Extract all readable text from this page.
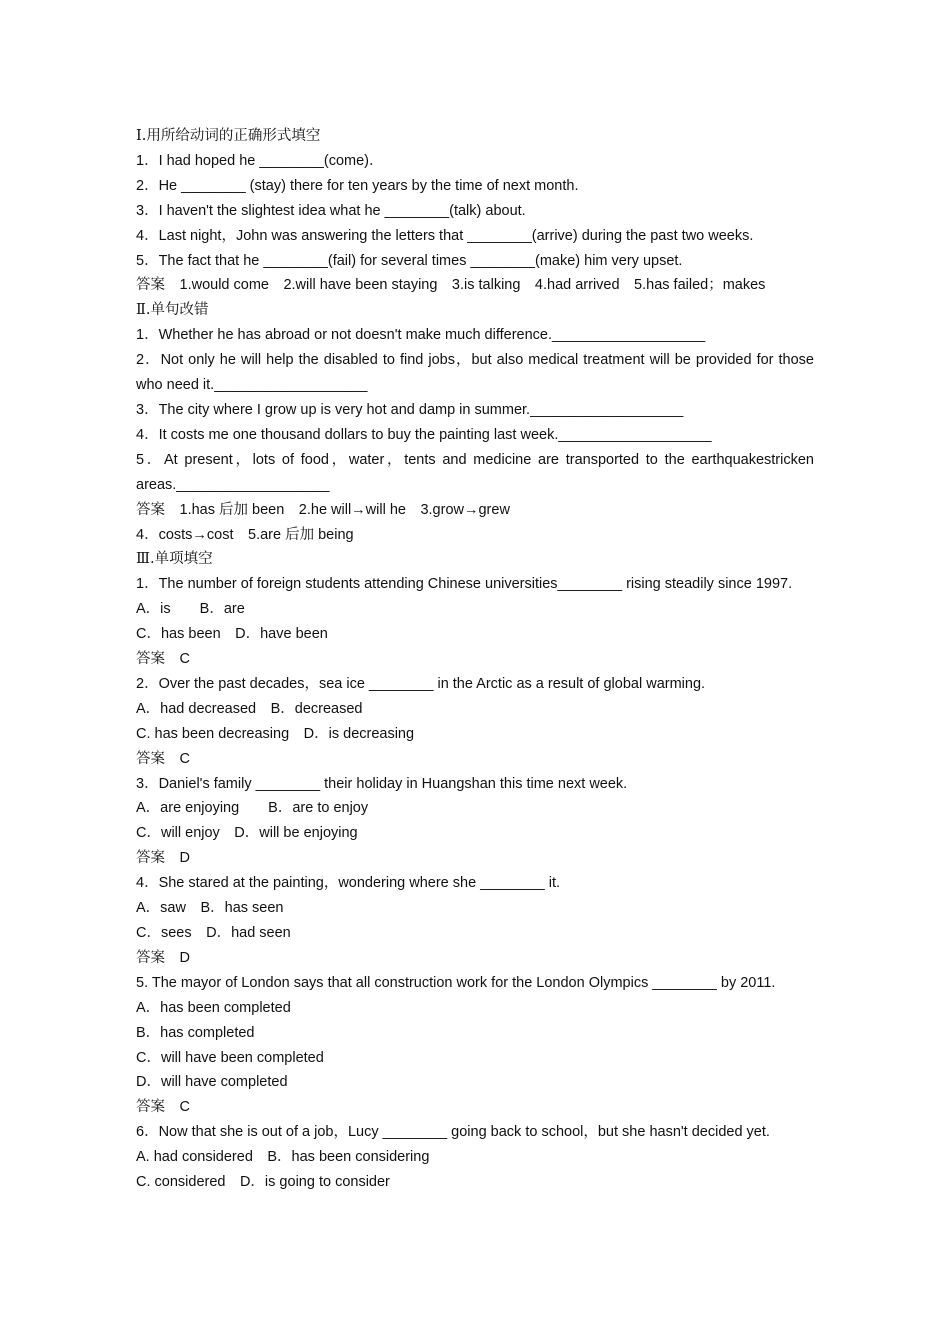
Ⅰ.用所给动词的正确形式填空
1．I had hoped he ________(come)．
2．He ________ (stay) there for ten years by the time of next month.
3．I haven't the slightest idea what he ________(talk) about.
4．Last night，John was answering the letters that ________(arrive) during the past two weeks.
5．The fact that he ________(fail) for several times ________(make) him very upset.
答案　1.would come　2.will have been staying　3.is talking　4.had arrived　5.has failed；makes
Ⅱ.单句改错
1．Whether he has abroad or not doesn't make much difference.___________________
2．Not only he will help the disabled to find jobs，but also medical treatment will be provided for those who need it.___________________
3．The city where I grow up is very hot and damp in summer.___________________
4．It costs me one thousand dollars to buy the painting last week.___________________
5．At present，lots of food，water，tents and medicine are transported to the earthquakestricken areas.___________________
答案　1.has 后加 been　2.he will→will he　3.grow→grew
4．costs→cost　5.are 后加 being
Ⅲ.单项填空
1．The number of foreign students attending Chinese universities________ rising steadily since 1997.
A．is　　B．are
C．has been　D．have been
答案　C
2．Over the past decades，sea ice ________ in the Arctic as a result of global warming.
A．had decreased　B．decreased
C. has been decreasing　D．is decreasing
答案　C
3．Daniel's family ________ their holiday in Huangshan this time next week.
A．are enjoying　　B．are to enjoy
C．will enjoy　D．will be enjoying
答案　D
4．She stared at the painting，wondering where she ________ it.
A．saw　B．has seen
C．sees　D．had seen
答案　D
5. The mayor of London says that all construction work for the London Olympics ________ by 2011.
A．has been completed
B．has completed
C．will have been completed
D．will have completed
答案　C
6．Now that she is out of a job，Lucy ________ going back to school，but she hasn't decided yet.
A. had considered　B．has been considering
C. considered　D．is going to consider
